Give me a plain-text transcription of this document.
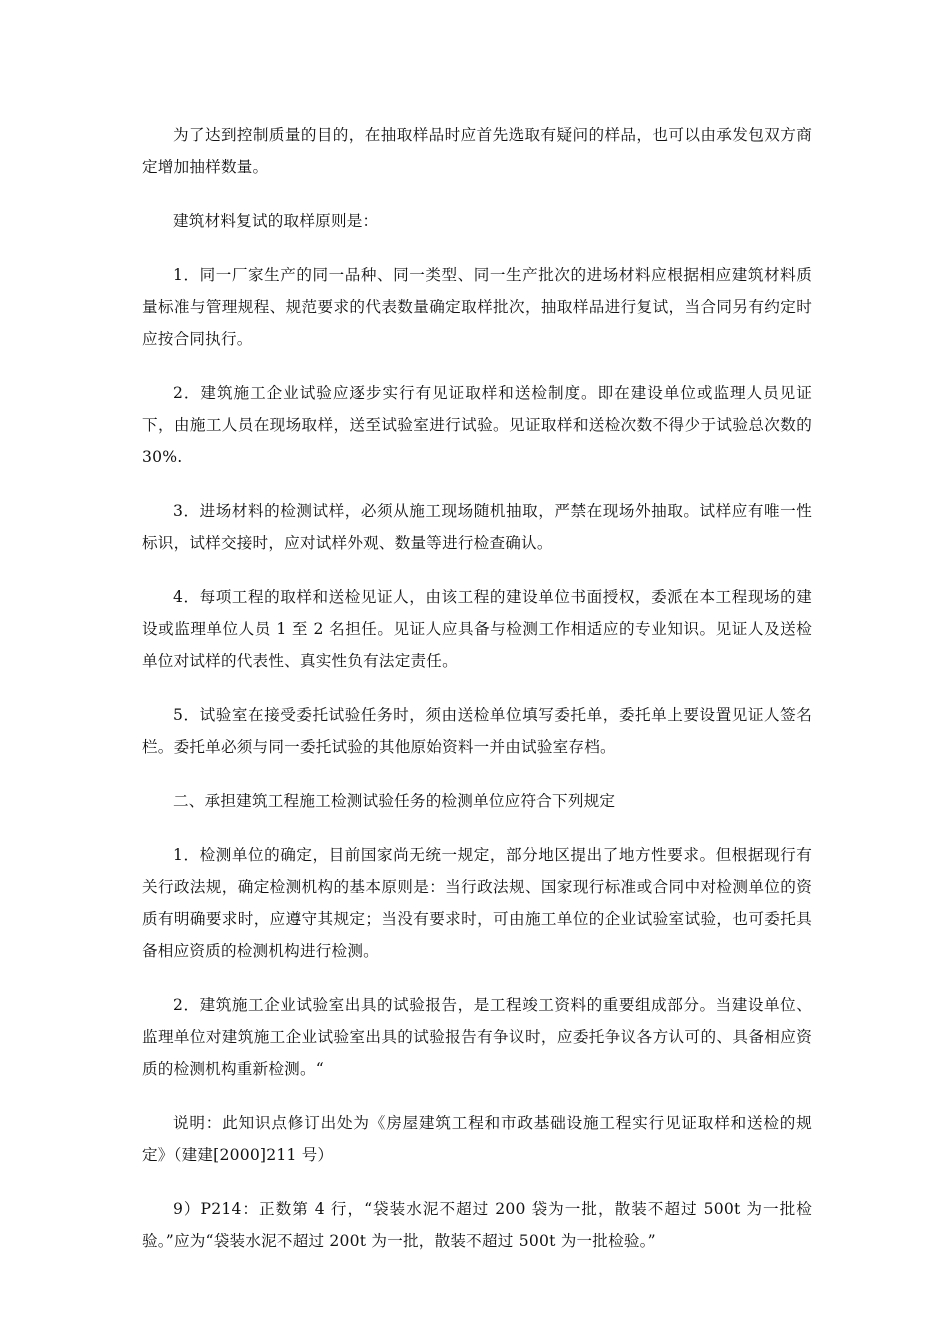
为了达到控制质量的目的，在抽取样品时应首先选取有疑问的样品，也可以由承发包双方商定增加抽样数量。

建筑材料复试的取样原则是：

1．同一厂家生产的同一品种、同一类型、同一生产批次的进场材料应根据相应建筑材料质量标准与管理规程、规范要求的代表数量确定取样批次，抽取样品进行复试，当合同另有约定时应按合同执行。

2．建筑施工企业试验应逐步实行有见证取样和送检制度。即在建设单位或监理人员见证下，由施工人员在现场取样，送至试验室进行试验。见证取样和送检次数不得少于试验总次数的 30%.

3．进场材料的检测试样，必须从施工现场随机抽取，严禁在现场外抽取。试样应有唯一性标识，试样交接时，应对试样外观、数量等进行检查确认。

4．每项工程的取样和送检见证人，由该工程的建设单位书面授权，委派在本工程现场的建设或监理单位人员 1 至 2 名担任。见证人应具备与检测工作相适应的专业知识。见证人及送检单位对试样的代表性、真实性负有法定责任。

5．试验室在接受委托试验任务时，须由送检单位填写委托单，委托单上要设置见证人签名栏。委托单必须与同一委托试验的其他原始资料一并由试验室存档。

二、承担建筑工程施工检测试验任务的检测单位应符合下列规定

1．检测单位的确定，目前国家尚无统一规定，部分地区提出了地方性要求。但根据现行有关行政法规，确定检测机构的基本原则是：当行政法规、国家现行标准或合同中对检测单位的资质有明确要求时，应遵守其规定；当没有要求时，可由施工单位的企业试验室试验，也可委托具备相应资质的检测机构进行检测。

2．建筑施工企业试验室出具的试验报告，是工程竣工资料的重要组成部分。当建设单位、监理单位对建筑施工企业试验室出具的试验报告有争议时，应委托争议各方认可的、具备相应资质的检测机构重新检测。“

说明：此知识点修订出处为《房屋建筑工程和市政基础设施工程实行见证取样和送检的规定》（建建[2000]211 号）

9）P214：正数第 4 行，“袋装水泥不超过 200 袋为一批，散装不超过 500t 为一批检验。”应为“袋装水泥不超过 200t 为一批，散装不超过 500t 为一批检验。”
